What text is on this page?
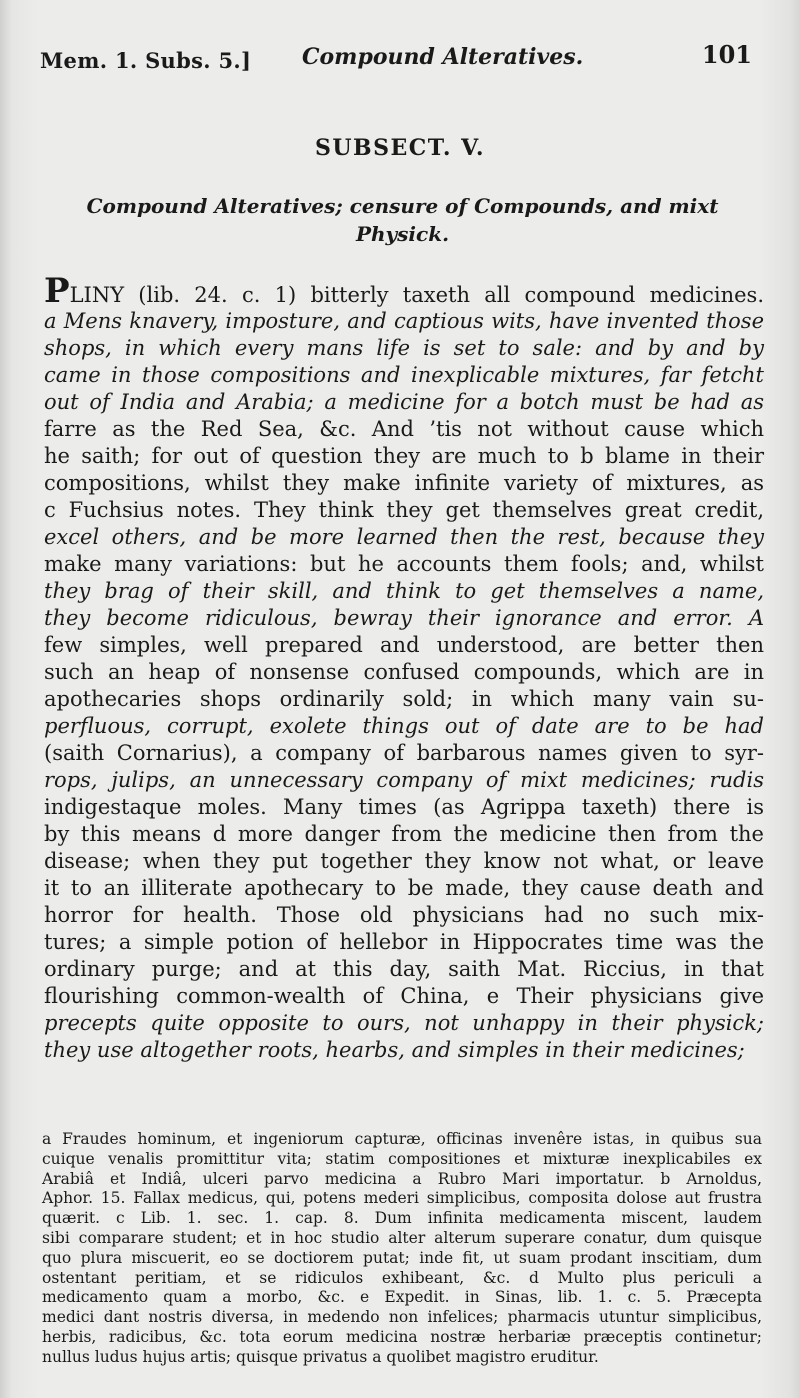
Mem. 1. Subs. 5.] Compound Alteratives.	101
SUBSECT. V.
Compound Alteratives; censure of Compounds, and mixt
Physick.
PLINY (lib. 24. c. 1) bitterly taxeth all compound medicines.
a Mens knavery, imposture, and captious wits, have invented those
shops, in which every mans life is set to sale: and by and by
came in those compositions and inexplicable mixtures, far fetcht
out of India and Arabia; a medicine for a botch must be had as
farre as the Red Sea, &c. And ’tis not without cause which
he saith; for out of question they are much to b blame in their
compositions, whilst they make infinite variety of mixtures, as
c Fuchsius notes. They think they get themselves great credit,
excel others, and be more learned then the rest, because they
make many variations: but he accounts them fools; and, whilst
they brag of their skill, and think to get themselves a name,
they become ridiculous, bewray their ignorance and error. A
few simples, well prepared and understood, are better then
such an heap of nonsense confused compounds, which are in
apothecaries shops ordinarily sold; in which many vain su-
perfluous, corrupt, exolete things out of date are to be had
(saith Cornarius), a company of barbarous names given to syr-
rops, julips, an unnecessary company of mixt medicines; rudis
indigestaque moles. Many times (as Agrippa taxeth) there is
by this means d more danger from the medicine then from the
disease; when they put together they know not what, or leave
it to an illiterate apothecary to be made, they cause death and
horror for health. Those old physicians had no such mix-
tures; a simple potion of hellebor in Hippocrates time was the
ordinary purge; and at this day, saith Mat. Riccius, in that
flourishing common-wealth of China, e Their physicians give
precepts quite opposite to ours, not unhappy in their physick;
they use altogether roots, hearbs, and simples in their medicines;
a Fraudes hominum, et ingeniorum capturæ, officinas invenêre istas, in quibus sua
cuique venalis promittitur vita; statim compositiones et mixturæ inexplicabiles ex
Arabiâ et Indiâ, ulceri parvo medicina a Rubro Mari importatur. b Arnoldus,
Aphor. 15. Fallax medicus, qui, potens mederi simplicibus, composita dolose aut frustra
quærit. c Lib. 1. sec. 1. cap. 8. Dum infinita medicamenta miscent, laudem
sibi comparare student; et in hoc studio alter alterum superare conatur, dum quisque
quo plura miscuerit, eo se doctiorem putat; inde fit, ut suam prodant inscitiam, dum
ostentant peritiam, et se ridiculos exhibeant, &c. d Multo plus periculi a
medicamento quam a morbo, &c. e Expedit. in Sinas, lib. 1. c. 5. Præcepta
medici dant nostris diversa, in medendo non infelices; pharmacis utuntur simplicibus,
herbis, radicibus, &c. tota eorum medicina nostræ herbariæ præceptis continetur;
nullus ludus hujus artis; quisque privatus a quolibet magistro eruditur.
